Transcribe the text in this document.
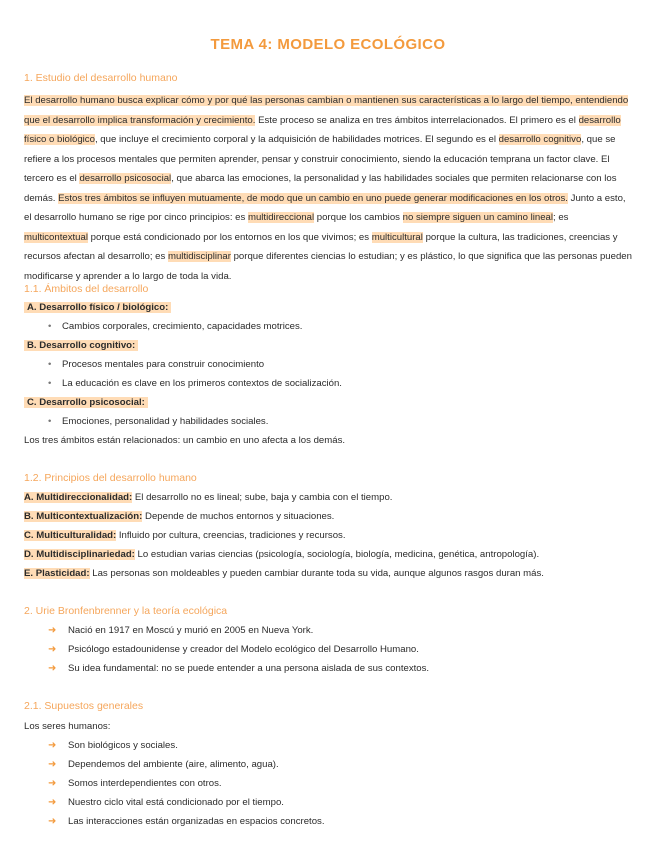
TEMA 4: MODELO ECOLÓGICO
1. Estudio del desarrollo humano
El desarrollo humano busca explicar cómo y por qué las personas cambian o mantienen sus características a lo largo del tiempo, entendiendo que el desarrollo implica transformación y crecimiento. Este proceso se analiza en tres ámbitos interrelacionados. El primero es el desarrollo físico o biológico, que incluye el crecimiento corporal y la adquisición de habilidades motrices. El segundo es el desarrollo cognitivo, que se refiere a los procesos mentales que permiten aprender, pensar y construir conocimiento, siendo la educación temprana un factor clave. El tercero es el desarrollo psicosocial, que abarca las emociones, la personalidad y las habilidades sociales que permiten relacionarse con los demás. Estos tres ámbitos se influyen mutuamente, de modo que un cambio en uno puede generar modificaciones en los otros. Junto a esto, el desarrollo humano se rige por cinco principios: es multidireccional porque los cambios no siempre siguen un camino lineal; es multicontextual porque está condicionado por los entornos en los que vivimos; es multicultural porque la cultura, las tradiciones, creencias y recursos afectan al desarrollo; es multidisciplinar porque diferentes ciencias lo estudian; y es plástico, lo que significa que las personas pueden modificarse y aprender a lo largo de toda la vida.
1.1. Ámbitos del desarrollo
A. Desarrollo físico / biológico:
• Cambios corporales, crecimiento, capacidades motrices.
B. Desarrollo cognitivo:
• Procesos mentales para construir conocimiento
• La educación es clave en los primeros contextos de socialización.
C. Desarrollo psicosocial:
• Emociones, personalidad y habilidades sociales.
Los tres ámbitos están relacionados: un cambio en uno afecta a los demás.
1.2. Principios del desarrollo humano
A. Multidireccionalidad: El desarrollo no es lineal; sube, baja y cambia con el tiempo.
B. Multicontextualización: Depende de muchos entornos y situaciones.
C. Multiculturalidad: Influido por cultura, creencias, tradiciones y recursos.
D. Multidisciplinariedad: Lo estudian varias ciencias (psicología, sociología, biología, medicina, genética, antropología).
E. Plasticidad: Las personas son moldeables y pueden cambiar durante toda su vida, aunque algunos rasgos duran más.
2. Urie Bronfenbrenner y la teoría ecológica
➜ Nació en 1917 en Moscú y murió en 2005 en Nueva York.
➜ Psicólogo estadounidense y creador del Modelo ecológico del Desarrollo Humano.
➜ Su idea fundamental: no se puede entender a una persona aislada de sus contextos.
2.1. Supuestos generales
Los seres humanos:
➜ Son biológicos y sociales.
➜ Dependemos del ambiente (aire, alimento, agua).
➜ Somos interdependientes con otros.
➜ Nuestro ciclo vital está condicionado por el tiempo.
➜ Las interacciones están organizadas en espacios concretos.
